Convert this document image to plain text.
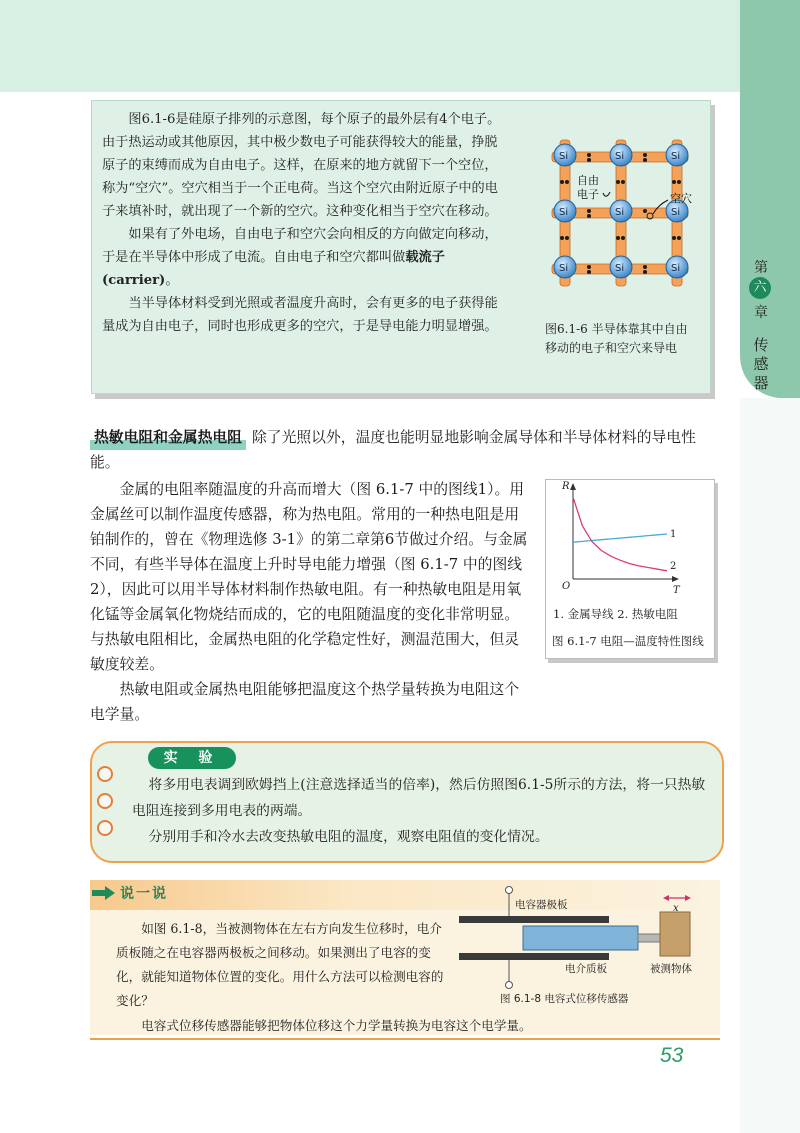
第
六
章
传感器

图6.1-6是硅原子排列的示意图，每个原子的最外层有4个电子。由于热运动或其他原因，其中极少数电子可能获得较大的能量，挣脱原子的束缚而成为自由电子。这样，在原来的地方就留下一个空位，称为“空穴”。空穴相当于一个正电荷。当这个空穴由附近原子中的电子来填补时，就出现了一个新的空穴。这种变化相当于空穴在移动。

如果有了外电场，自由电子和空穴会向相反的方向做定向移动，于是在半导体中形成了电流。自由电子和空穴都叫做载流子(carrier)。

当半导体材料受到光照或者温度升高时，会有更多的电子获得能量成为自由电子，同时也形成更多的空穴，于是导电能力明显增强。

Si	Si	Si
Si	Si	Si
Si	Si	Si
自由
电子	空穴
图6.1-6 半导体靠其中自由
移动的电子和空穴来导电
热敏电阻和金属热电阻 除了光照以外，温度也能明显地影响金属导体和半导体材料的导电性能。

金属的电阻率随温度的升高而增大（图 6.1-7 中的图线1）。用金属丝可以制作温度传感器，称为热电阻。常用的一种热电阻是用铂制作的，曾在《物理选修 3-1》的第二章第6节做过介绍。与金属不同，有些半导体在温度上升时导电能力增强（图 6.1-7 中的图线 2），因此可以用半导体材料制作热敏电阻。有一种热敏电阻是用氧化锰等金属氧化物烧结而成的，它的电阻随温度的变化非常明显。与热敏电阻相比，金属热电阻的化学稳定性好，测温范围大，但灵敏度较差。

热敏电阻或金属热电阻能够把温度这个热学量转换为电阻这个电学量。

R
T
O
1
2
1. 金属导线 2. 热敏电阻
图 6.1-7 电阻—温度特性图线
实 验

将多用电表调到欧姆挡上(注意选择适当的倍率)，然后仿照图6.1-5所示的方法，将一只热敏电阻连接到多用电表的两端。

分别用手和冷水去改变热敏电阻的温度，观察电阻值的变化情况。

说一说

如图 6.1-8，当被测物体在左右方向发生位移时，电介质板随之在电容器两极板之间移动。如果测出了电容的变化，就能知道物体位置的变化。用什么方法可以检测电容的变化？

电容式位移传感器能够把物体位移这个力学量转换为电容这个电学量。
电容器极板
电介质板	被测物体
x
图 6.1-8 电容式位移传感器
53
